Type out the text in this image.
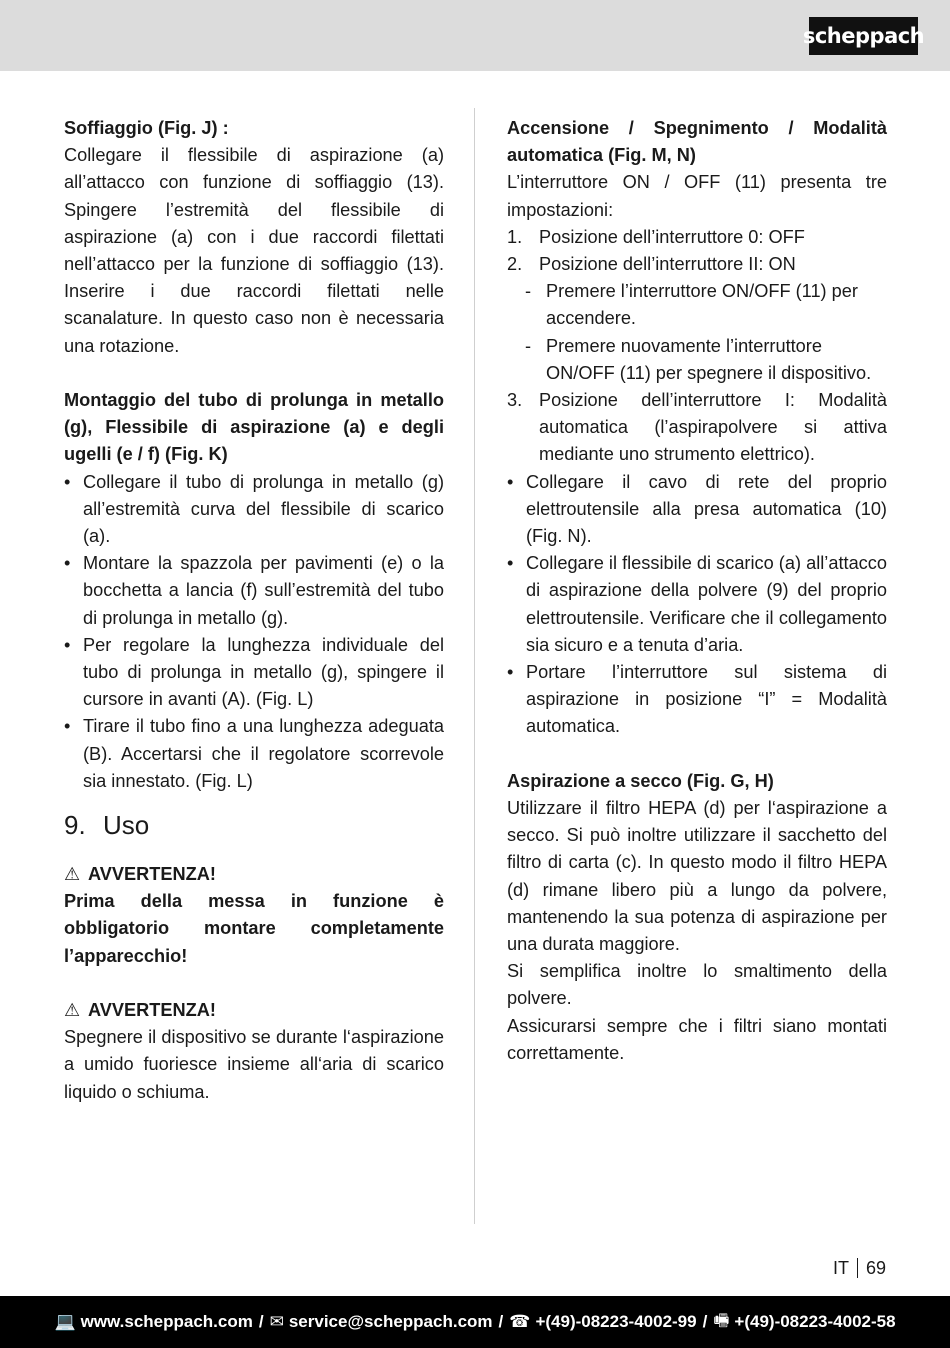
scheppach
Soffiaggio (Fig. J) :
Collegare il flessibile di aspirazione (a) all’attacco con funzione di soffiaggio (13). Spingere l’estremità del flessibile di aspirazione (a) con i due raccordi filettati nell’attacco per la funzione di soffiaggio (13). Inserire i due raccordi filettati nelle scanalature. In questo caso non è necessaria una rotazione.
Montaggio del tubo di prolunga in metallo (g), Flessibile di aspirazione (a) e degli ugelli (e / f) (Fig. K)
• Collegare il tubo di prolunga in metallo (g) all’estremità curva del flessibile di scarico (a).
• Montare la spazzola per pavimenti (e) o la bocchetta a lancia (f) sull’estremità del tubo di prolunga in metallo (g).
• Per regolare la lunghezza individuale del tubo di prolunga in metallo (g), spingere il cursore in avanti (A). (Fig. L)
• Tirare il tubo fino a una lunghezza adeguata (B). Accertarsi che il regolatore scorrevole sia innestato. (Fig. L)
9. Uso
⚠ AVVERTENZA!
Prima della messa in funzione è obbligatorio montare completamente l’apparecchio!
⚠ AVVERTENZA!
Spegnere il dispositivo se durante l‘aspirazione a umido fuoriesce insieme all‘aria di scarico liquido o schiuma.
Accensione / Spegnimento / Modalità automatica (Fig. M, N)
L’interruttore ON / OFF (11) presenta tre impostazioni:
1. Posizione dell’interruttore 0: OFF
2. Posizione dell’interruttore II: ON
- Premere l’interruttore ON/OFF (11) per accendere.
- Premere nuovamente l’interruttore ON/OFF (11) per spegnere il dispositivo.
3. Posizione dell’interruttore I: Modalità automatica (l’aspirapolvere si attiva mediante uno strumento elettrico).
• Collegare il cavo di rete del proprio elettroutensile alla presa automatica (10) (Fig. N).
• Collegare il flessibile di scarico (a) all’attacco di aspirazione della polvere (9) del proprio elettroutensile. Verificare che il collegamento sia sicuro e a tenuta d’aria.
• Portare l’interruttore sul sistema di aspirazione in posizione “I” = Modalità automatica.
Aspirazione a secco (Fig. G, H)
Utilizzare il filtro HEPA (d) per l‘aspirazione a secco. Si può inoltre utilizzare il sacchetto del filtro di carta (c). In questo modo il filtro HEPA (d) rimane libero più a lungo da polvere, mantenendo la sua potenza di aspirazione per una durata maggiore.
Si semplifica inoltre lo smaltimento della polvere.
Assicurarsi sempre che i filtri siano montati correttamente.
IT 69
💻 www.scheppach.com / ✉ service@scheppach.com / ☎ +(49)-08223-4002-99 / 🖷 +(49)-08223-4002-58
